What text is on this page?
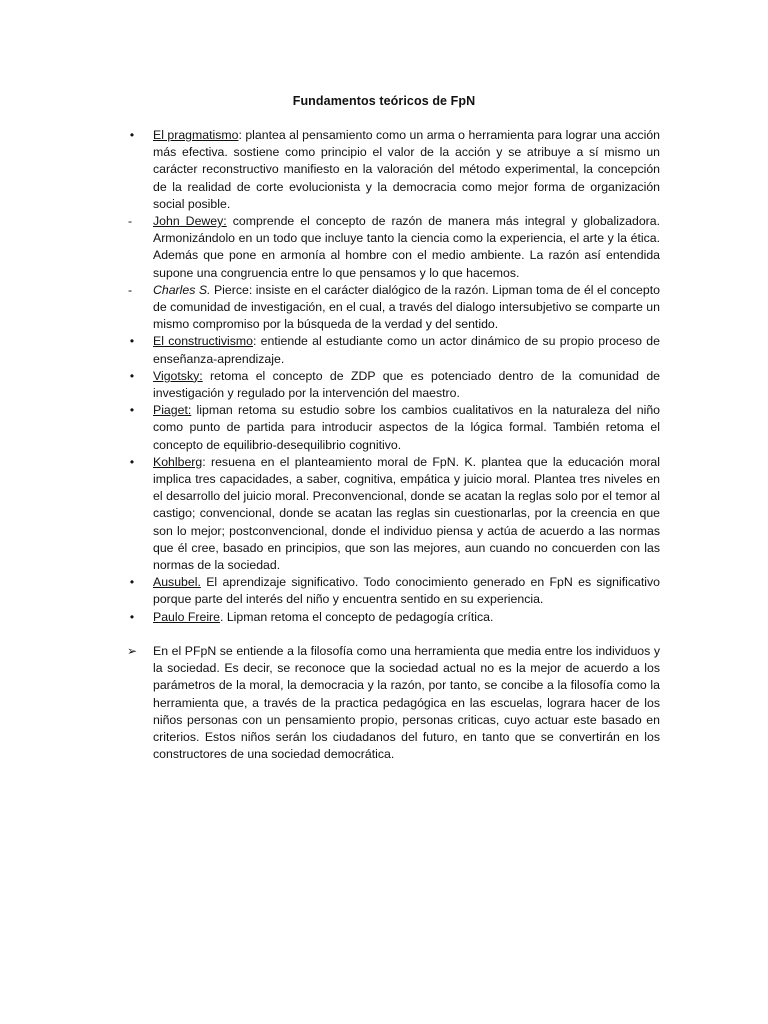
Fundamentos teóricos de FpN
•	El pragmatismo: plantea al pensamiento como un arma o herramienta para lograr una acción más efectiva. sostiene como principio el valor de la acción y se atribuye a sí mismo un carácter reconstructivo manifiesto en la valoración del método experimental, la concepción de la realidad de corte evolucionista y la democracia como mejor forma de organización social posible.
-	John Dewey: comprende el concepto de razón de manera más integral y globalizadora. Armonizándolo en un todo que incluye tanto la ciencia como la experiencia, el arte y la ética. Además que pone en armonía al hombre con el medio ambiente. La razón así entendida supone una congruencia entre lo que pensamos y lo que hacemos.
-	Charles S. Pierce: insiste en el carácter dialógico de la razón. Lipman toma de él el concepto de comunidad de investigación, en el cual, a través del dialogo intersubjetivo se comparte un mismo compromiso por la búsqueda de la verdad y del sentido.
•	El constructivismo: entiende al estudiante como un actor dinámico de su propio proceso de enseñanza-aprendizaje.
•	Vigotsky: retoma el concepto de ZDP que es potenciado dentro de la comunidad de investigación y regulado por la intervención del maestro.
•	Piaget: lipman retoma su estudio sobre los cambios cualitativos en la naturaleza del niño como punto de partida para introducir aspectos de la lógica formal. También retoma el concepto de equilibrio-desequilibrio cognitivo.
•	Kohlberg: resuena en el planteamiento moral de FpN. K. plantea que la educación moral implica tres capacidades, a saber, cognitiva, empática y juicio moral. Plantea tres niveles en el desarrollo del juicio moral. Preconvencional, donde se acatan la reglas solo por el temor al castigo; convencional, donde se acatan las reglas sin cuestionarlas, por la creencia en que son lo mejor; postconvencional, donde el individuo piensa y actúa de acuerdo a las normas que él cree, basado en principios, que son las mejores, aun cuando no concuerden con las normas de la sociedad.
•	Ausubel. El aprendizaje significativo. Todo conocimiento generado en FpN es significativo porque parte del interés del niño y encuentra sentido en su experiencia.
•	Paulo Freire. Lipman retoma el concepto de pedagogía crítica.
➢	En el PFpN se entiende a la filosofía como una herramienta que media entre los individuos y la sociedad. Es decir, se reconoce que la sociedad actual no es la mejor de acuerdo a los parámetros de la moral, la democracia y la razón, por tanto, se concibe a la filosofía como la herramienta que, a través de la practica pedagógica en las escuelas, lograra hacer de los niños personas con un pensamiento propio, personas criticas, cuyo actuar este basado en criterios. Estos niños serán los ciudadanos del futuro, en tanto que se convertirán en los constructores de una sociedad democrática.
